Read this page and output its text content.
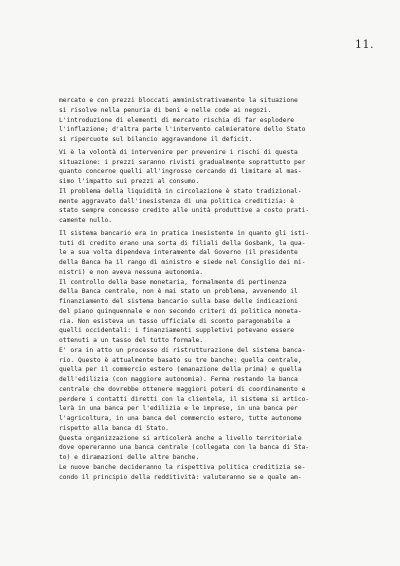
11.
mercato e con prezzi bloccati amministrativamente la situazione
si risolve nella penuria di beni e nelle code ai negozi.
L'introduzione di elementi di mercato rischia di far esplodere
l'inflazione; d'altra parte l'intervento calmieratore dello Stato
si ripercuote sul bilancio aggravandone il deficit.
Vi è la volontà di intervenire per prevenire i rischi di questa
situazione: i prezzi saranno rivisti gradualmente soprattutto per
quanto concerne quelli all'ingrosso cercando di limitare al mas-
simo l'impatto sui prezzi al consumo.
Il problema della liquidità in circolazione è stato tradizional-
mente aggravato dall'inesistenza di una politica creditizia: è
stato sempre concesso credito alle unità produttive a costo prati-
camente nullo.
Il sistema bancario era in pratica inesistente in quanto gli isti-
tuti di credito erano una sorta di filiali della Gosbank, la qua-
le a sua volta dipendeva interamente dal Governo (il presidente
della Banca ha il rango di ministro e siede nel Consiglio dei mi-
nistri) e non aveva nessuna autonomia.
Il controllo della base monetaria, formalmente di pertinenza
della Banca centrale, non è mai stato un problema, avvenendo il
finanziamento del sistema bancario sulla base delle indicazioni
del piano quinquennale e non secondo criteri di politica moneta-
ria. Non esisteva un tasso ufficiale di sconto paragonabile a
quelli occidentali: i finanziamenti suppletivi potevano essere
ottenuti a un tasso del tutto formale.
E' ora in atto un processo di ristrutturazione del sistema banca-
rio. Questo è attualmente basato su tre banche: quella centrale,
quella per il commercio estero (emanazione della prima) e quella
dell'edilizia (con maggiore autonomia). Ferma restando la banca
centrale che dovrebbe ottenere maggiori poteri di coordinamento e
perdere i contatti diretti con la clientela, il sistema si artico-
lerà in una banca per l'edilizia e le imprese, in una banca per
l'agricoltura, in una banca del commercio estero, tutte autonome
rispetto alla banca di Stato.
Questa organizzazione si articolerà anche a livello territoriale
dove opereranno una banca centrale (collegata con la banca di Sta-
to) e diramazioni delle altre banche.
Le nuove banche decideranno la rispettiva politica creditizia se-
condo il principio della redditività: valuteranno se e quale am-
